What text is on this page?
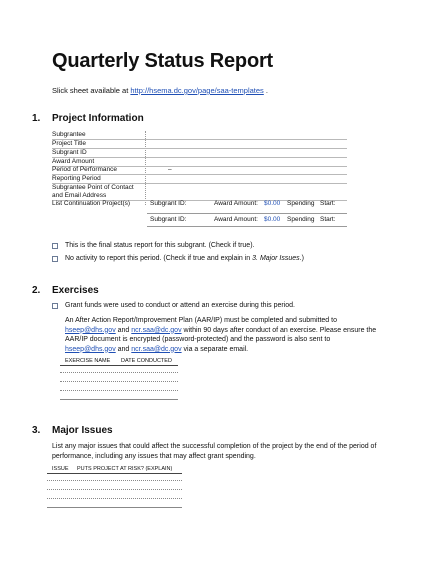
Quarterly Status Report
Slick sheet available at http://hsema.dc.gov/page/saa-templates .
1. Project Information
Subgrantee
Project Title
Subgrant ID
Award Amount
Period of Performance	–
Reporting Period
Subgrantee Point of Contact
and Email Address
List Continuation Project(s)	Subgrant ID:	Award Amount: $0.00 Spending Start:
Subgrant ID:	Award Amount: $0.00 Spending Start:
This is the final status report for this subgrant. (Check if true).
No activity to report this period. (Check if true and explain in 3. Major Issues.)
2. Exercises
Grant funds were used to conduct or attend an exercise during this period.
An After Action Report/Improvement Plan (AAR/IP) must be completed and submitted to
hseep@dhs.gov and ncr.saa@dc.gov within 90 days after conduct of an exercise. Please ensure the
AAR/IP document is encrypted (password-protected) and the password is also sent to
hseep@dhs.gov and ncr.saa@dc.gov via a separate email.
EXERCISE NAME DATE CONDUCTED
3. Major Issues
List any major issues that could affect the successful completion of the project by the end of the period of
performance, including any issues that may affect grant spending.
ISSUE PUTS PROJECT AT RISK? (EXPLAIN)
